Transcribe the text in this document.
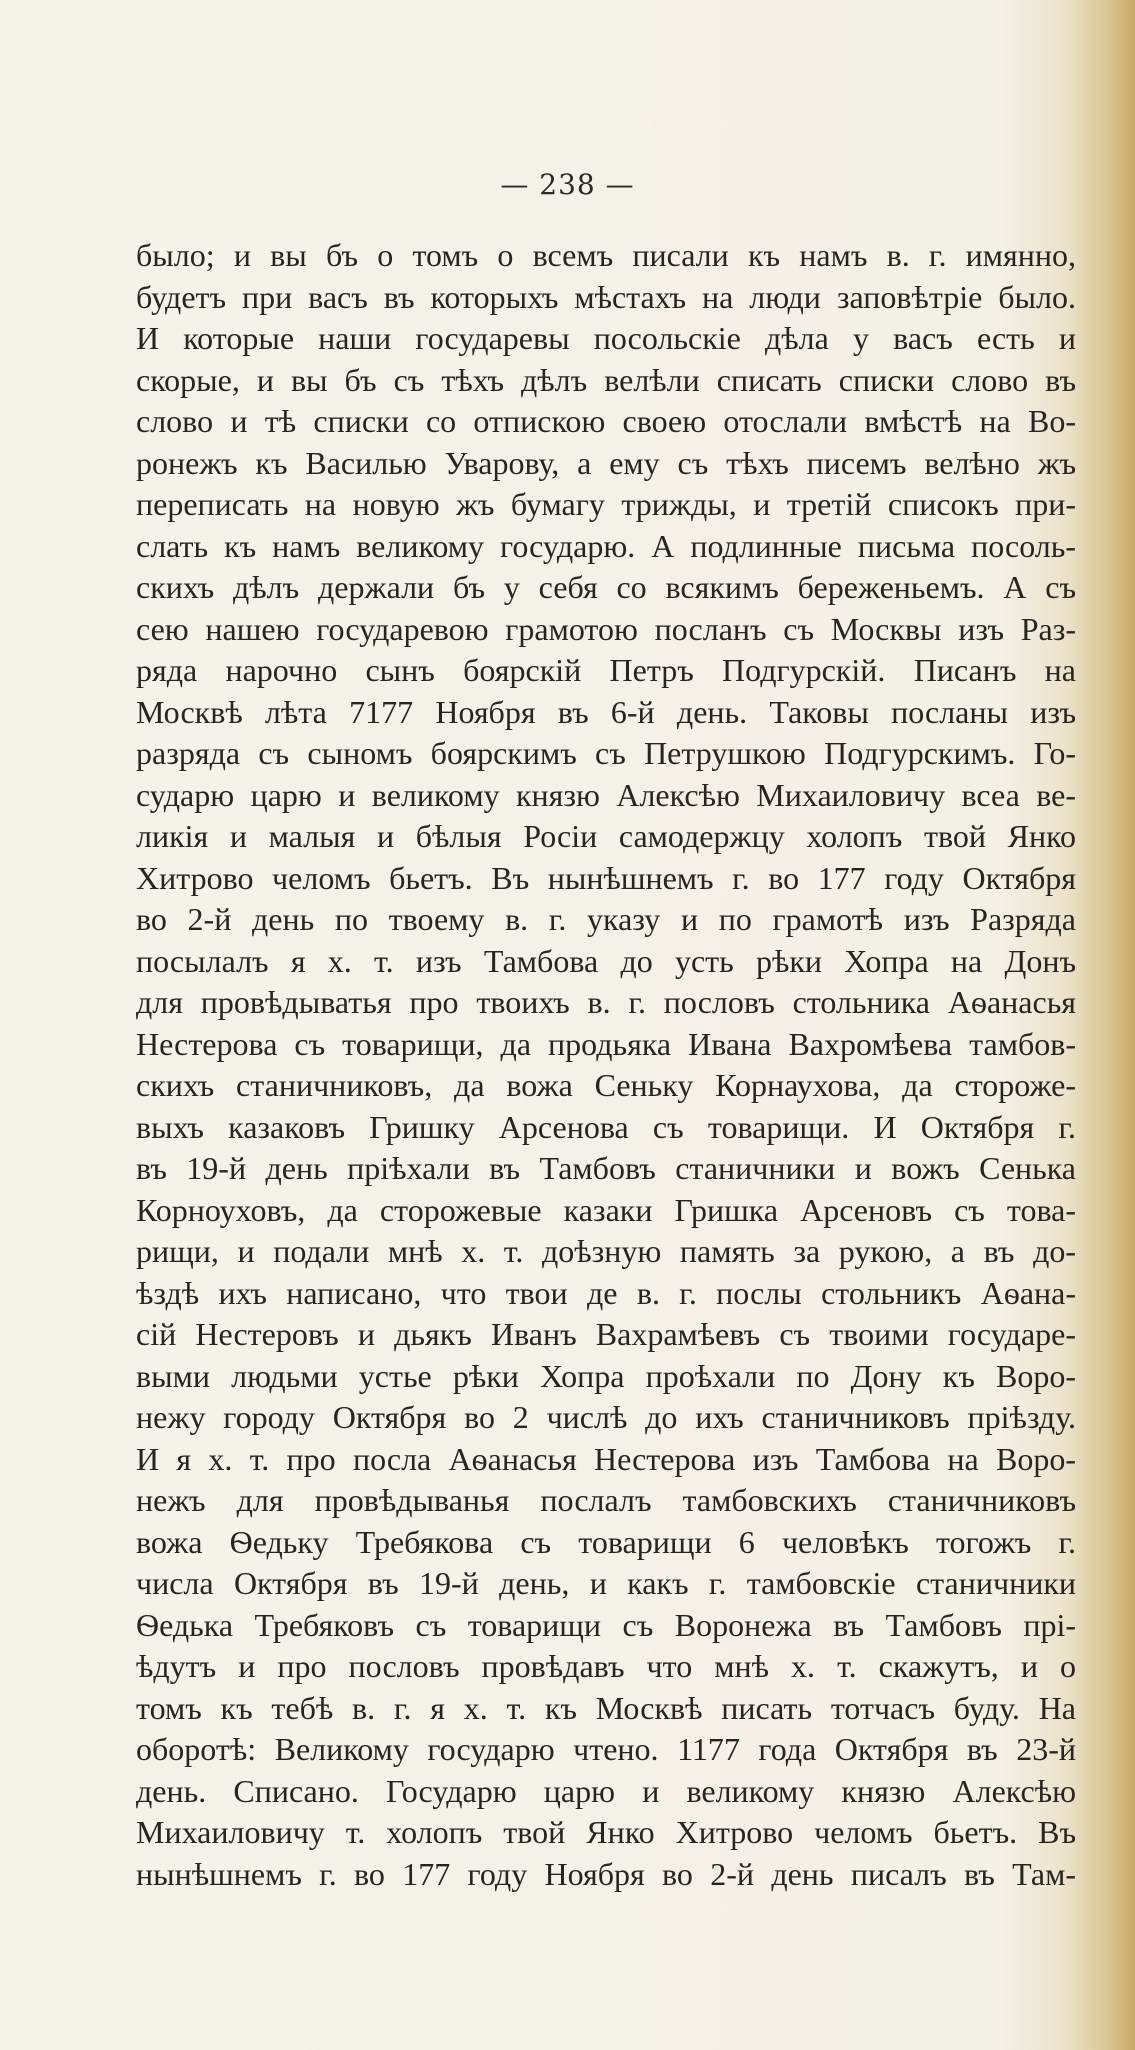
— 238 —
было; и вы бъ о томъ о всемъ писали къ намъ в. г. имянно,
будетъ при васъ въ которыхъ мѣстахъ на люди заповѣтріе было.
И которые наши государевы посольскіе дѣла у васъ есть и
скорые, и вы бъ съ тѣхъ дѣлъ велѣли списать списки слово въ
слово и тѣ списки со отпискою своею отослали вмѣстѣ на Во-
ронежъ къ Василью Уварову, а ему съ тѣхъ писемъ велѣно жъ
переписать на новую жъ бумагу трижды, и третій списокъ при-
слать къ намъ великому государю. А подлинные письма посоль-
скихъ дѣлъ держали бъ у себя со всякимъ береженьемъ. А съ
сею нашею государевою грамотою посланъ съ Москвы изъ Раз-
ряда нарочно сынъ боярскій Петръ Подгурскій. Писанъ на
Москвѣ лѣта 7177 Ноября въ 6-й день. Таковы посланы изъ
разряда съ сыномъ боярскимъ съ Петрушкою Подгурскимъ. Го-
сударю царю и великому князю Алексѣю Михаиловичу всеа ве-
ликія и малыя и бѣлыя Росіи самодержцу холопъ твой Янко
Хитрово челомъ бьетъ. Въ нынѣшнемъ г. во 177 году Октября
во 2-й день по твоему в. г. указу и по грамотѣ изъ Разряда
посылалъ я х. т. изъ Тамбова до усть рѣки Хопра на Донъ
для провѣдыватья про твоихъ в. г. пословъ стольника Аѳанасья
Нестерова съ товарищи, да продьяка Ивана Вахромѣева тамбов-
скихъ станичниковъ, да вожа Сеньку Корнаухова, да стороже-
выхъ казаковъ Гришку Арсенова съ товарищи. И Октября г.
въ 19-й день пріѣхали въ Тамбовъ станичники и вожъ Сенька
Корноуховъ, да сторожевые казаки Гришка Арсеновъ съ това-
рищи, и подали мнѣ х. т. доѣзную память за рукою, а въ до-
ѣздѣ ихъ написано, что твои де в. г. послы стольникъ Аѳана-
сій Нестеровъ и дьякъ Иванъ Вахрамѣевъ съ твоими государе-
выми людьми устье рѣки Хопра проѣхали по Дону къ Воро-
нежу городу Октября во 2 числѣ до ихъ станичниковъ пріѣзду.
И я х. т. про посла Аѳанасья Нестерова изъ Тамбова на Воро-
нежъ для провѣдыванья послалъ тамбовскихъ станичниковъ
вожа Ѳедьку Требякова съ товарищи 6 человѣкъ тогожъ г.
числа Октября въ 19-й день, и какъ г. тамбовскіе станичники
Ѳедька Требяковъ съ товарищи съ Воронежа въ Тамбовъ прі-
ѣдутъ и про пословъ провѣдавъ что мнѣ х. т. скажутъ, и о
томъ къ тебѣ в. г. я х. т. къ Москвѣ писать тотчасъ буду. На
оборотѣ: Великому государю чтено. 1177 года Октября въ 23-й
день. Списано. Государю царю и великому князю Алексѣю
Михаиловичу т. холопъ твой Янко Хитрово челомъ бьетъ. Въ
нынѣшнемъ г. во 177 году Ноября во 2-й день писалъ въ Там-
